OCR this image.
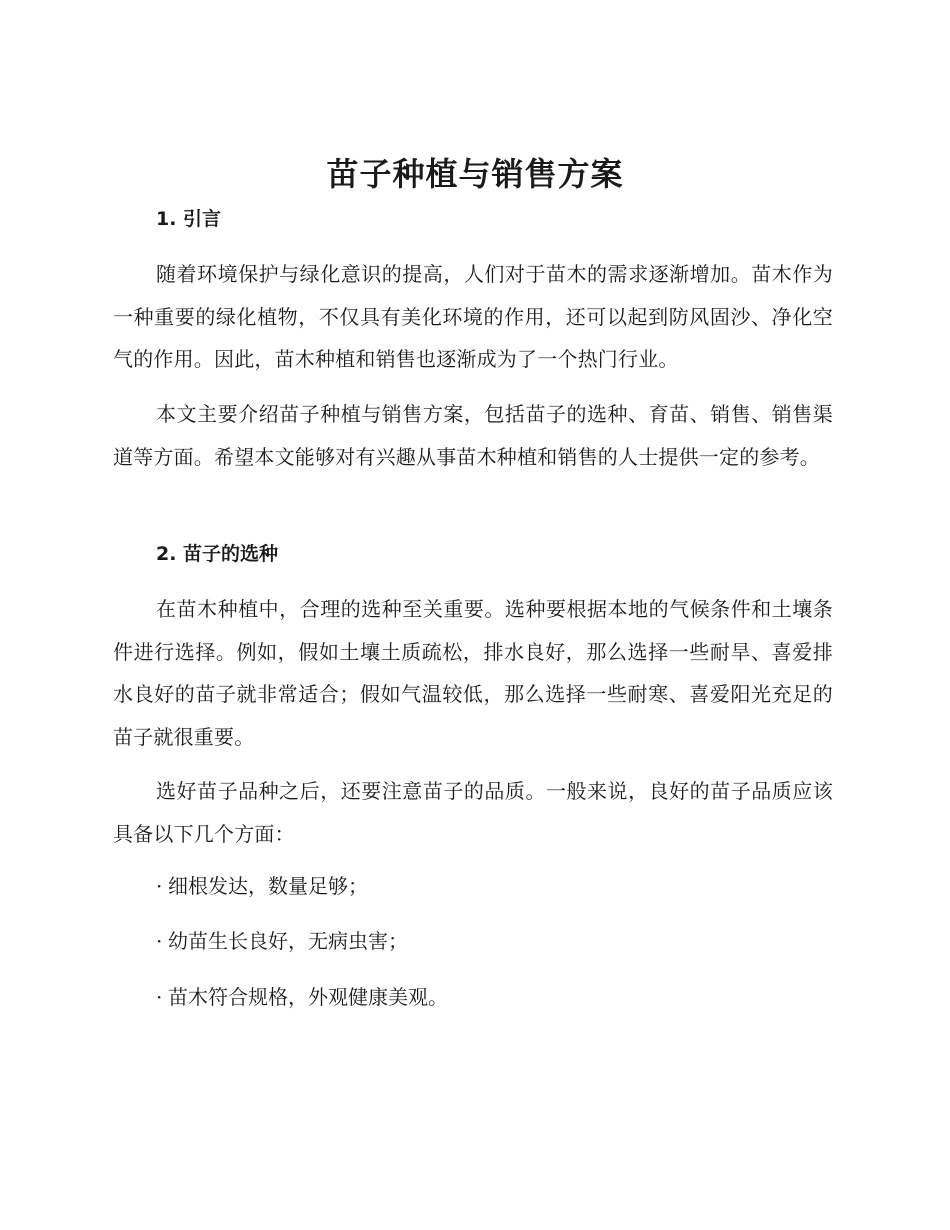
苗子种植与销售方案
1. 引言

随着环境保护与绿化意识的提高，人们对于苗木的需求逐渐增加。苗木作为一种重要的绿化植物，不仅具有美化环境的作用，还可以起到防风固沙、净化空气的作用。因此，苗木种植和销售也逐渐成为了一个热门行业。

本文主要介绍苗子种植与销售方案，包括苗子的选种、育苗、销售、销售渠道等方面。希望本文能够对有兴趣从事苗木种植和销售的人士提供一定的参考。

2. 苗子的选种

在苗木种植中，合理的选种至关重要。选种要根据本地的气候条件和土壤条件进行选择。例如，假如土壤土质疏松，排水良好，那么选择一些耐旱、喜爱排水良好的苗子就非常适合；假如气温较低，那么选择一些耐寒、喜爱阳光充足的苗子就很重要。

选好苗子品种之后，还要注意苗子的品质。一般来说，良好的苗子品质应该具备以下几个方面：

· 细根发达，数量足够；

· 幼苗生长良好，无病虫害；

· 苗木符合规格，外观健康美观。
